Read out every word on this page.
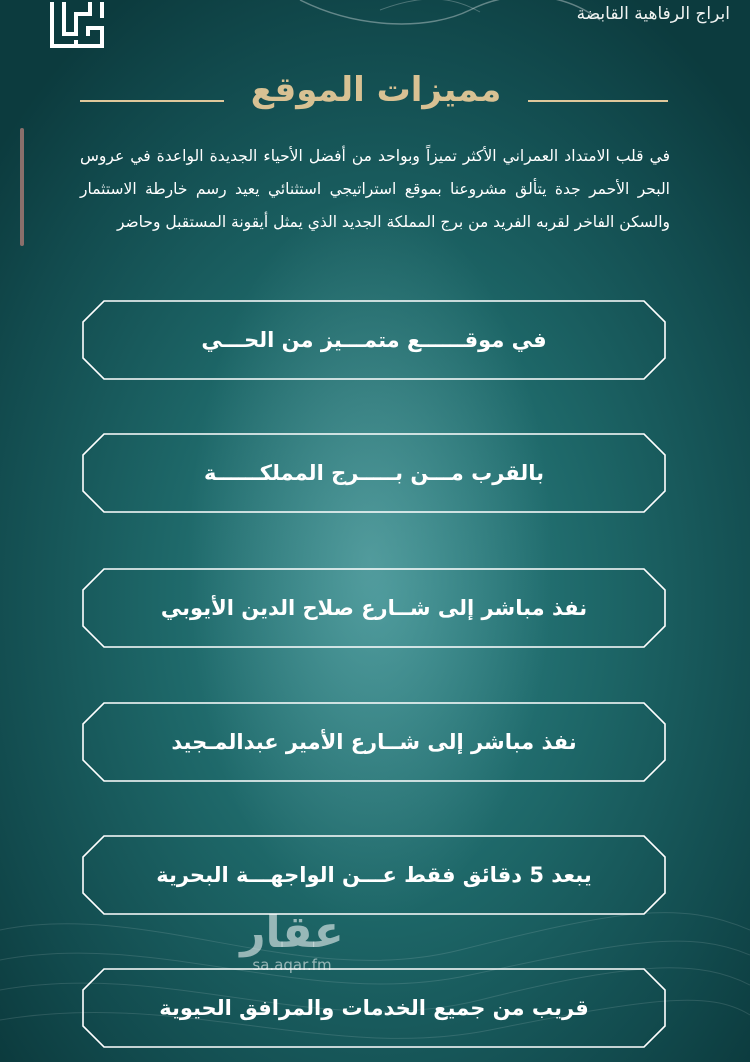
ابراج الرفاهية القابضة
مميزات الموقع
في قلب الامتداد العمراني الأكثر تميزاً وبواحد من أفضل الأحياء الجديدة الواعدة في عروس البحر الأحمر جدة يتألق مشروعنا بموقع استراتيجي استثنائي يعيد رسم خارطة الاستثمار والسكن الفاخر لقربه الفريد من برج المملكة الجديد الذي يمثل أيقونة المستقبل وحاضر
في موقــــــع متمـــيز من الحـــي
بالقرب مـــن بـــــرج المملكــــــة
نفذ مباشر إلى شــارع صلاح الدين الأيوبي
نفذ مباشر إلى شــارع الأمير عبدالمـجيد
يبعد 5 دقائق فقط عـــن الواجهـــة البحرية
قريب من جميع الخدمات والمرافق الحيوية
عقار
sa.aqar.fm
